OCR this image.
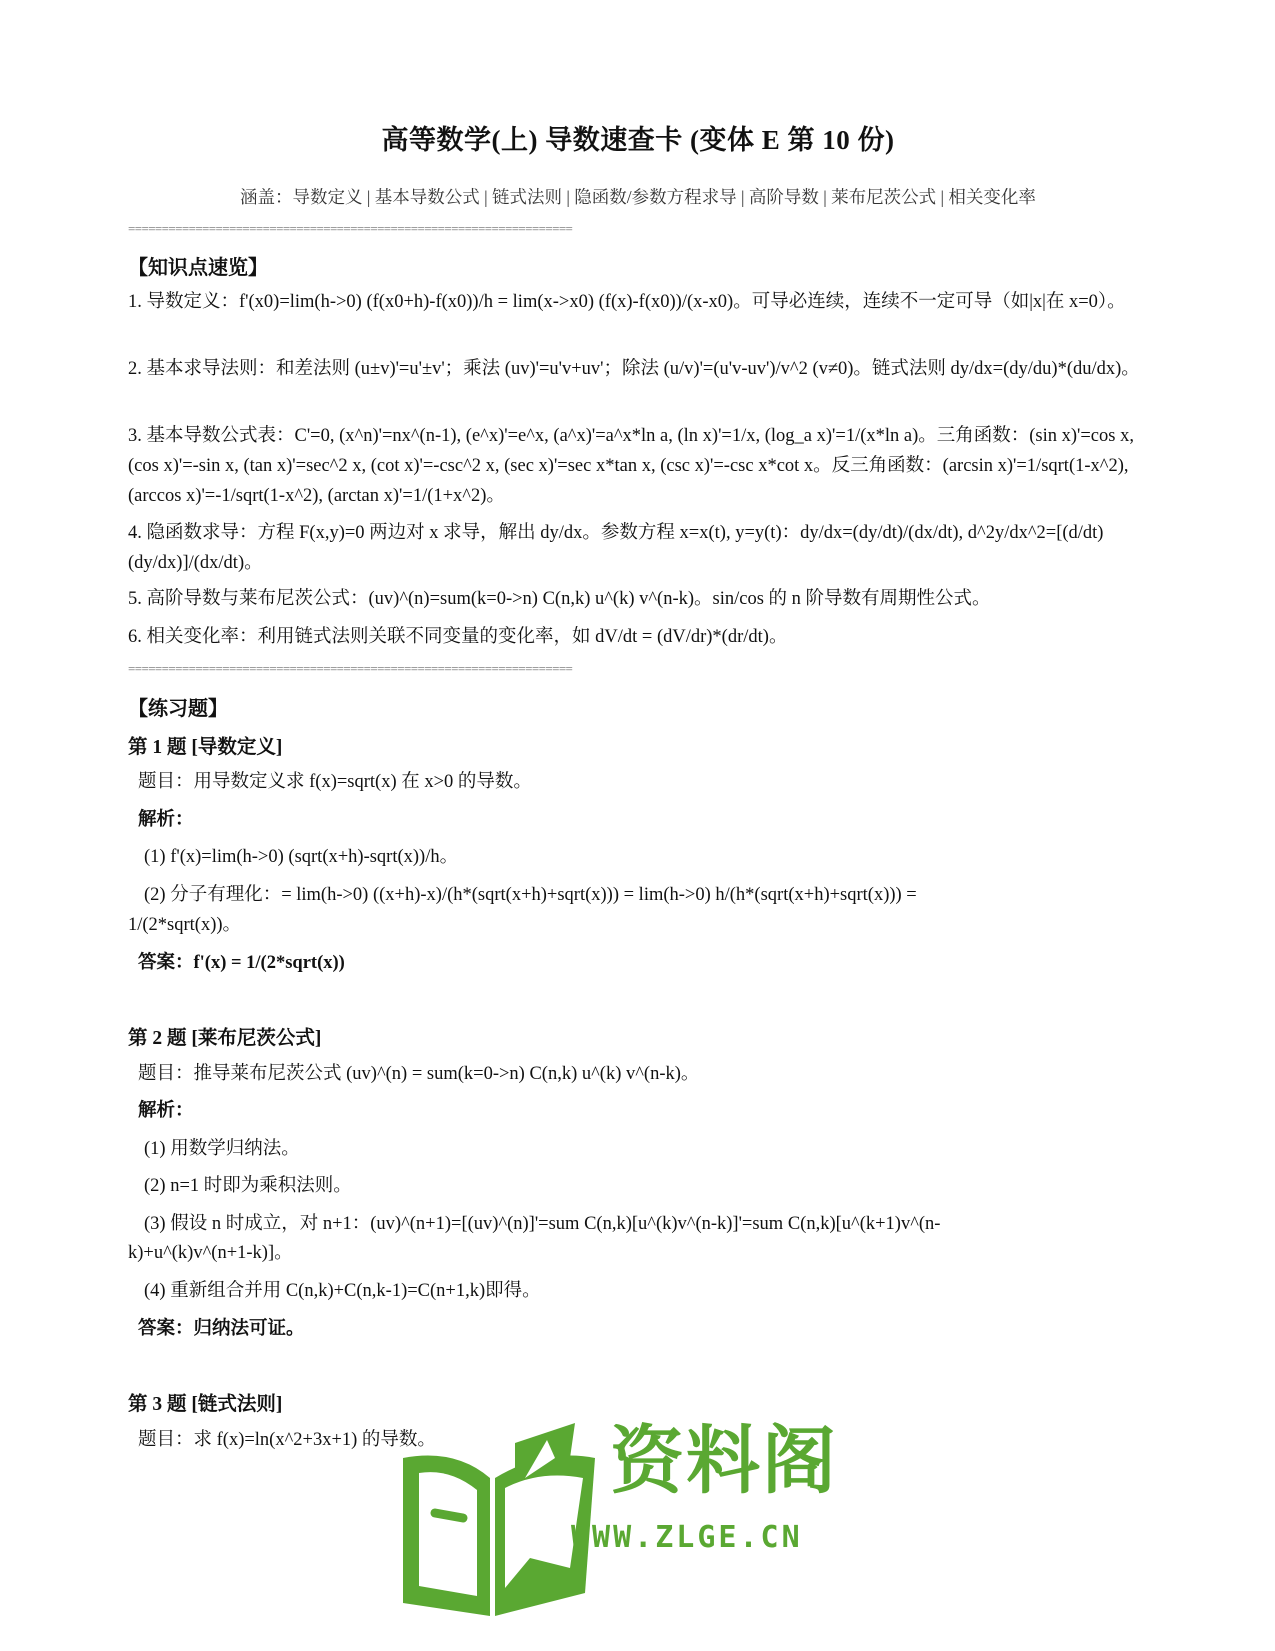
高等数学(上) 导数速查卡 (变体 E 第 10 份)
涵盖：导数定义 | 基本导数公式 | 链式法则 | 隐函数/参数方程求导 | 高阶导数 | 莱布尼茨公式 | 相关变化率
==================================================================
【知识点速览】
1. 导数定义：f'(x0)=lim(h->0) (f(x0+h)-f(x0))/h = lim(x->x0) (f(x)-f(x0))/(x-x0)。可导必连续，连续不一定可导（如|x|在 x=0）。
2. 基本求导法则：和差法则 (u±v)'=u'±v'；乘法 (uv)'=u'v+uv'；除法 (u/v)'=(u'v-uv')/v^2 (v≠0)。链式法则 dy/dx=(dy/du)*(du/dx)。
3. 基本导数公式表：C'=0, (x^n)'=nx^(n-1), (e^x)'=e^x, (a^x)'=a^x*ln a, (ln x)'=1/x, (log_a x)'=1/(x*ln a)。三角函数：(sin x)'=cos x, (cos x)'=-sin x, (tan x)'=sec^2 x, (cot x)'=-csc^2 x, (sec x)'=sec x*tan x, (csc x)'=-csc x*cot x。反三角函数：(arcsin x)'=1/sqrt(1-x^2), (arccos x)'=-1/sqrt(1-x^2), (arctan x)'=1/(1+x^2)。
4. 隐函数求导：方程 F(x,y)=0 两边对 x 求导，解出 dy/dx。参数方程 x=x(t), y=y(t)：dy/dx=(dy/dt)/(dx/dt), d^2y/dx^2=[(d/dt)(dy/dx)]/(dx/dt)。
5. 高阶导数与莱布尼茨公式：(uv)^(n)=sum(k=0->n) C(n,k) u^(k) v^(n-k)。sin/cos 的 n 阶导数有周期性公式。
6. 相关变化率：利用链式法则关联不同变量的变化率，如 dV/dt = (dV/dr)*(dr/dt)。
==================================================================
【练习题】
第 1 题 [导数定义]
题目：用导数定义求 f(x)=sqrt(x) 在 x>0 的导数。
解析：
(1) f'(x)=lim(h->0) (sqrt(x+h)-sqrt(x))/h。
(2) 分子有理化：= lim(h->0) ((x+h)-x)/(h*(sqrt(x+h)+sqrt(x))) = lim(h->0) h/(h*(sqrt(x+h)+sqrt(x))) =
1/(2*sqrt(x))。
答案：f'(x) = 1/(2*sqrt(x))
第 2 题 [莱布尼茨公式]
题目：推导莱布尼茨公式 (uv)^(n) = sum(k=0->n) C(n,k) u^(k) v^(n-k)。
解析：
(1) 用数学归纳法。
(2) n=1 时即为乘积法则。
(3) 假设 n 时成立，对 n+1：(uv)^(n+1)=[(uv)^(n)]'=sum C(n,k)[u^(k)v^(n-k)]'=sum C(n,k)[u^(k+1)v^(n-
k)+u^(k)v^(n+1-k)]。
(4) 重新组合并用 C(n,k)+C(n,k-1)=C(n+1,k)即得。
答案：归纳法可证。
第 3 题 [链式法则]
题目：求 f(x)=ln(x^2+3x+1) 的导数。	资料阁
WWW.ZLGE.CN
